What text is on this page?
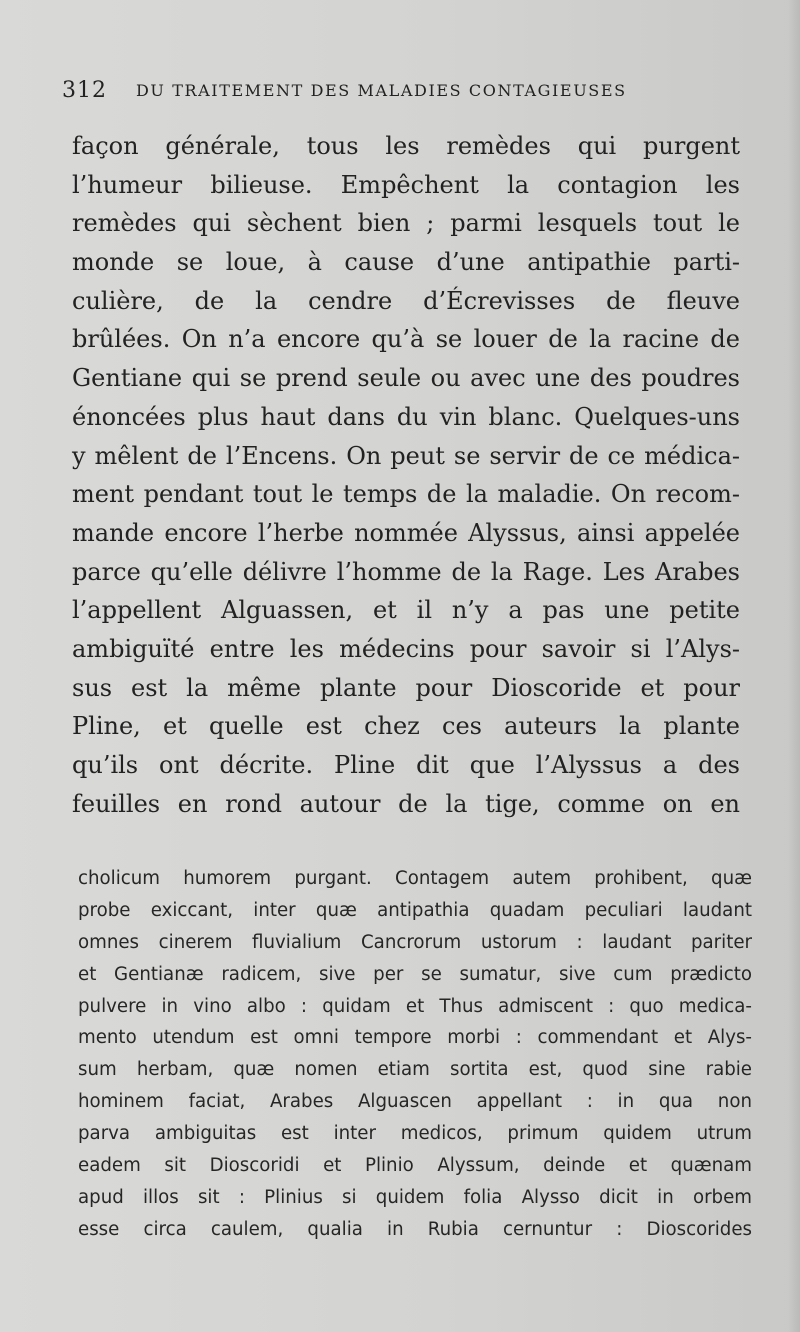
312 DU TRAITEMENT DES MALADIES CONTAGIEUSES
façon générale, tous les remèdes qui purgent
l’humeur bilieuse. Empêchent la contagion les
remèdes qui sèchent bien ; parmi lesquels tout le
monde se loue, à cause d’une antipathie parti-
culière, de la cendre d’Écrevisses de fleuve
brûlées. On n’a encore qu’à se louer de la racine de
Gentiane qui se prend seule ou avec une des poudres
énoncées plus haut dans du vin blanc. Quelques-uns
y mêlent de l’Encens. On peut se servir de ce médica-
ment pendant tout le temps de la maladie. On recom-
mande encore l’herbe nommée Alyssus, ainsi appelée
parce qu’elle délivre l’homme de la Rage. Les Arabes
l’appellent Alguassen, et il n’y a pas une petite
ambiguïté entre les médecins pour savoir si l’Alys-
sus est la même plante pour Dioscoride et pour
Pline, et quelle est chez ces auteurs la plante
qu’ils ont décrite. Pline dit que l’Alyssus a des
feuilles en rond autour de la tige, comme on en
cholicum humorem purgant. Contagem autem prohibent, quæ
probe exiccant, inter quæ antipathia quadam peculiari laudant
omnes cinerem fluvialium Cancrorum ustorum : laudant pariter
et Gentianæ radicem, sive per se sumatur, sive cum prædicto
pulvere in vino albo : quidam et Thus admiscent : quo medica-
mento utendum est omni tempore morbi : commendant et Alys-
sum herbam, quæ nomen etiam sortita est, quod sine rabie
hominem faciat, Arabes Alguascen appellant : in qua non
parva ambiguitas est inter medicos, primum quidem utrum
eadem sit Dioscoridi et Plinio Alyssum, deinde et quænam
apud illos sit : Plinius si quidem folia Alysso dicit in orbem
esse circa caulem, qualia in Rubia cernuntur : Dioscorides
